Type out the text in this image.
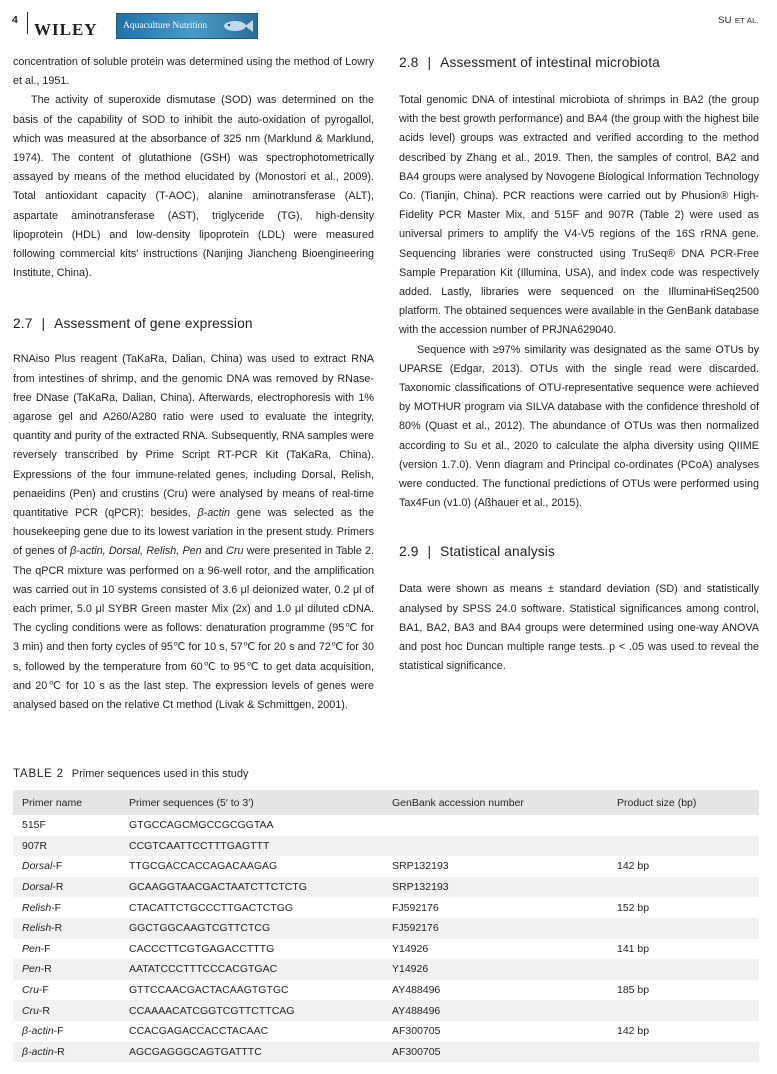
4 WILEY	Aquaculture Nutrition	SU ET AL.

concentration of soluble protein was determined using the method of Lowry et al., 1951.

The activity of superoxide dismutase (SOD) was determined on the basis of the capability of SOD to inhibit the auto-oxidation of pyrogallol, which was measured at the absorbance of 325 nm (Marklund & Marklund, 1974). The content of glutathione (GSH) was spectrophotometrically assayed by means of the method elucidated by (Monostori et al., 2009). Total antioxidant capacity (T-AOC), alanine aminotransferase (ALT), aspartate aminotransferase (AST), triglyceride (TG), high-density lipoprotein (HDL) and low-density lipoprotein (LDL) were measured following commercial kits' instructions (Nanjing Jiancheng Bioengineering Institute, China).

2.7 | Assessment of gene expression

RNAiso Plus reagent (TaKaRa, Dalian, China) was used to extract RNA from intestines of shrimp, and the genomic DNA was removed by RNase-free DNase (TaKaRa, Dalian, China). Afterwards, electrophoresis with 1% agarose gel and A260/A280 ratio were used to evaluate the integrity, quantity and purity of the extracted RNA. Subsequently, RNA samples were reversely transcribed by Prime Script RT-PCR Kit (TaKaRa, China). Expressions of the four immune-related genes, including Dorsal, Relish, penaeidins (Pen) and crustins (Cru) were analysed by means of real-time quantitative PCR (qPCR); besides, β-actin gene was selected as the housekeeping gene due to its lowest variation in the present study. Primers of genes of β-actin, Dorsal, Relish, Pen and Cru were presented in Table 2. The qPCR mixture was performed on a 96-well rotor, and the amplification was carried out in 10 systems consisted of 3.6 μl deionized water, 0.2 μl of each primer, 5.0 μl SYBR Green master Mix (2x) and 1.0 μl diluted cDNA. The cycling conditions were as follows: denaturation programme (95℃ for 3 min) and then forty cycles of 95℃ for 10 s, 57℃ for 20 s and 72℃ for 30 s, followed by the temperature from 60℃ to 95℃ to get data acquisition, and 20℃ for 10 s as the last step. The expression levels of genes were analysed based on the relative Ct method (Livak & Schmittgen, 2001).

2.8 | Assessment of intestinal microbiota

Total genomic DNA of intestinal microbiota of shrimps in BA2 (the group with the best growth performance) and BA4 (the group with the highest bile acids level) groups was extracted and verified according to the method described by Zhang et al., 2019. Then, the samples of control, BA2 and BA4 groups were analysed by Novogene Biological Information Technology Co. (Tianjin, China). PCR reactions were carried out by Phusion® High-Fidelity PCR Master Mix, and 515F and 907R (Table 2) were used as universal primers to amplify the V4-V5 regions of the 16S rRNA gene. Sequencing libraries were constructed using TruSeq® DNA PCR-Free Sample Preparation Kit (Illumina, USA), and index code was respectively added. Lastly, libraries were sequenced on the IlluminaHiSeq2500 platform. The obtained sequences were available in the GenBank database with the accession number of PRJNA629040.

Sequence with ≥97% similarity was designated as the same OTUs by UPARSE (Edgar, 2013). OTUs with the single read were discarded. Taxonomic classifications of OTU-representative sequence were achieved by MOTHUR program via SILVA database with the confidence threshold of 80% (Quast et al., 2012). The abundance of OTUs was then normalized according to Su et al., 2020 to calculate the alpha diversity using QIIME (version 1.7.0). Venn diagram and Principal co-ordinates (PCoA) analyses were conducted. The functional predictions of OTUs were performed using Tax4Fun (v1.0) (Aßhauer et al., 2015).

2.9 | Statistical analysis

Data were shown as means ± standard deviation (SD) and statistically analysed by SPSS 24.0 software. Statistical significances among control, BA1, BA2, BA3 and BA4 groups were determined using one-way ANOVA and post hoc Duncan multiple range tests. p < .05 was used to reveal the statistical significance.

TABLE 2 Primer sequences used in this study
Primer name	Primer sequences (5′ to 3′)	GenBank accession number	Product size (bp)
515F	GTGCCAGCMGCCGCGGTAA		
907R	CCGTCAATTCCTTTGAGTTT		
Dorsal-F	TTGCGACCACCAGACAAGAG	SRP132193	142 bp
Dorsal-R	GCAAGGTAACGACTAATCTTCTCTG	SRP132193	
Relish-F	CTACATTCTGCCCTTGACTCTGG	FJ592176	152 bp
Relish-R	GGCTGGCAAGTCGTTCTCG	FJ592176	
Pen-F	CACCCTTCGTGAGACCTTTG	Y14926	141 bp
Pen-R	AATATCCCTTTCCCACGTGAC	Y14926	
Cru-F	GTTCCAACGACTACAAGTGTGC	AY488496	185 bp
Cru-R	CCAAAACATCGGTCGTTCTTCAG	AY488496	
β-actin-F	CCACGAGACCACCTACAAC	AF300705	142 bp
β-actin-R	AGCGAGGGCAGTGATTTC	AF300705	
